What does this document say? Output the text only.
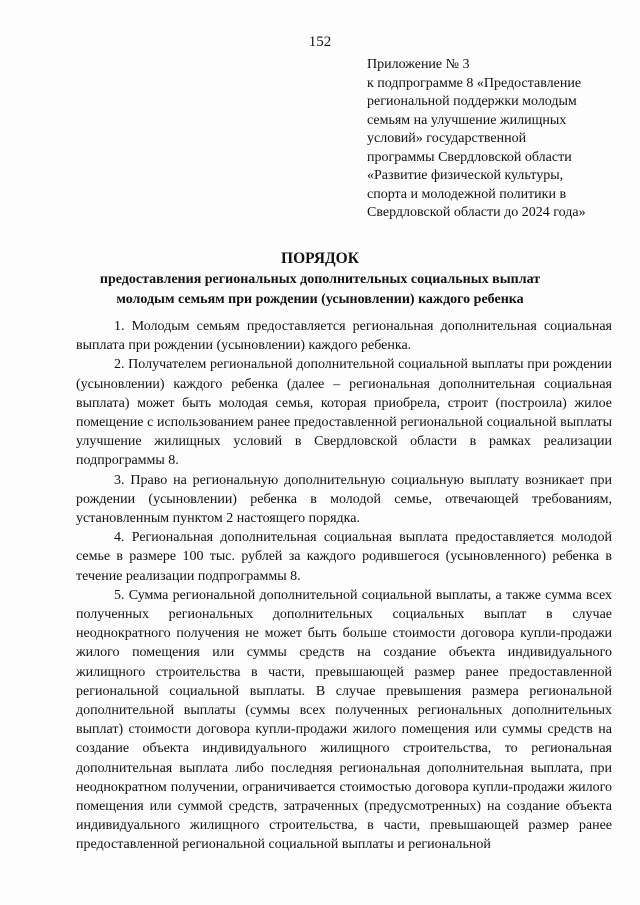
152
Приложение № 3
к подпрограмме 8 «Предоставление
региональной поддержки молодым
семьям на улучшение жилищных
условий» государственной
программы Свердловской области
«Развитие физической культуры,
спорта и молодежной политики в
Свердловской области до 2024 года»
ПОРЯДОК
предоставления региональных дополнительных социальных выплат
молодым семьям при рождении (усыновлении) каждого ребенка

1. Молодым семьям предоставляется региональная дополнительная социальная выплата при рождении (усыновлении) каждого ребенка.

2. Получателем региональной дополнительной социальной выплаты при рождении (усыновлении) каждого ребенка (далее – региональная дополнительная социальная выплата) может быть молодая семья, которая приобрела, строит (построила) жилое помещение с использованием ранее предоставленной региональной социальной выплаты улучшение жилищных условий в Свердловской области в рамках реализации подпрограммы 8.

3. Право на региональную дополнительную социальную выплату возникает при рождении (усыновлении) ребенка в молодой семье, отвечающей требованиям, установленным пунктом 2 настоящего порядка.

4. Региональная дополнительная социальная выплата предоставляется молодой семье в размере 100 тыс. рублей за каждого родившегося (усыновленного) ребенка в течение реализации подпрограммы 8.

5. Сумма региональной дополнительной социальной выплаты, а также сумма всех полученных региональных дополнительных социальных выплат в случае неоднократного получения не может быть больше стоимости договора купли-продажи жилого помещения или суммы средств на создание объекта индивидуального жилищного строительства в части, превышающей размер ранее предоставленной региональной социальной выплаты. В случае превышения размера региональной дополнительной выплаты (суммы всех полученных региональных дополнительных выплат) стоимости договора купли-продажи жилого помещения или суммы средств на создание объекта индивидуального жилищного строительства, то региональная дополнительная выплата либо последняя региональная дополнительная выплата, при неоднократном получении, ограничивается стоимостью договора купли-продажи жилого помещения или суммой средств, затраченных (предусмотренных) на создание объекта индивидуального жилищного строительства, в части, превышающей размер ранее предоставленной региональной социальной выплаты и региональной
